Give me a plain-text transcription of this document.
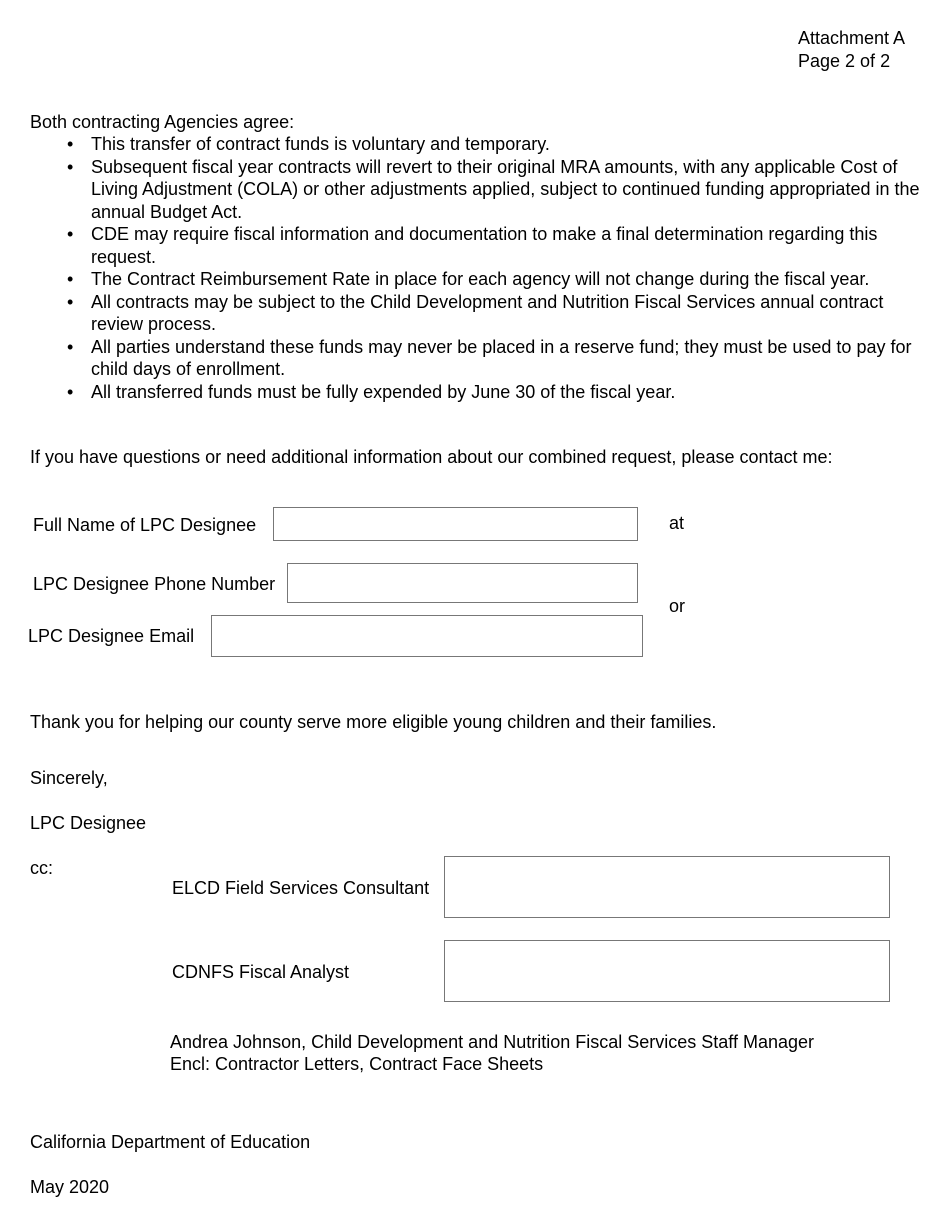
Attachment A
Page 2 of 2
Both contracting Agencies agree:
• This transfer of contract funds is voluntary and temporary.
• Subsequent fiscal year contracts will revert to their original MRA amounts, with any applicable Cost of Living Adjustment (COLA) or other adjustments applied, subject to continued funding appropriated in the annual Budget Act.
• CDE may require fiscal information and documentation to make a final determination regarding this request.
• The Contract Reimbursement Rate in place for each agency will not change during the fiscal year.
• All contracts may be subject to the Child Development and Nutrition Fiscal Services annual contract review process.
• All parties understand these funds may never be placed in a reserve fund; they must be used to pay for child days of enrollment.
• All transferred funds must be fully expended by June 30 of the fiscal year.
If you have questions or need additional information about our combined request, please contact me:
Full Name of LPC Designee	at
LPC Designee Phone Number
or
LPC Designee Email
Thank you for helping our county serve more eligible young children and their families.
Sincerely,
LPC Designee
cc:
ELCD Field Services Consultant
CDNFS Fiscal Analyst
Andrea Johnson, Child Development and Nutrition Fiscal Services Staff Manager
Encl: Contractor Letters, Contract Face Sheets
California Department of Education
May 2020
